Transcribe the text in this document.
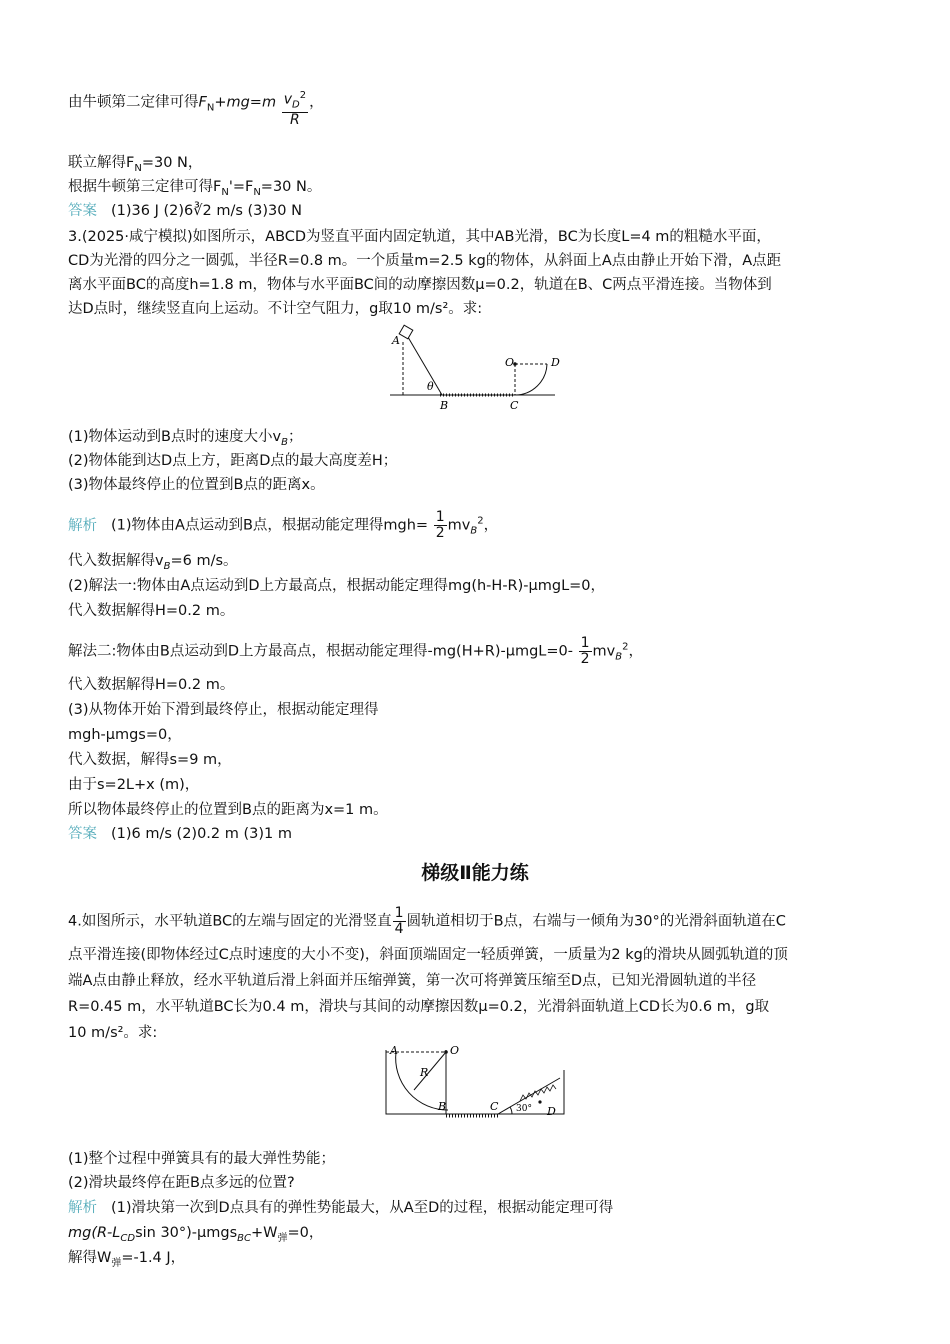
由牛顿第二定律可得$F_N+mg=m \frac{v_D^2}{R}$ ，
联立解得$F_N=30$ N，
根据牛顿第三定律可得$F_N'=F_N=30$ N。
答案 (1)36 J (2)6∛2 m/s (3)30 N
3.(2025·咸宁模拟)如图所示，ABCD为竖直平面内固定轨道，其中AB光滑，BC为长度L=4 m的粗糙水平面，
CD为光滑的四分之一圆弧，半径R=0.8 m。一个质量m=2.5 kg的物体，从斜面上A点由静止开始下滑，A点距
离水平面BC的高度h=1.8 m，物体与水平面BC间的动摩擦因数μ=0.2，轨道在B、C两点平滑连接。当物体到
达D点时，继续竖直向上运动。不计空气阻力，g取10 m/s²。求:
A
B	C
O	D
θ
(1)物体运动到B点时的速度大小$v_B$；
(2)物体能到达D点上方，距离D点的最大高度差H；
(3)物体最终停止的位置到B点的距离x。
解析 (1)物体由A点运动到B点，根据动能定理得$mgh= \frac{1}{2} mv_B^2$，
代入数据解得$v_B=6$ m/s。
(2)解法一:物体由A点运动到D上方最高点，根据动能定理得mg(h-H-R)-μmgL=0，
代入数据解得H=0.2 m。
解法二:物体由B点运动到D上方最高点，根据动能定理得$-mg(H+R)-\mu mgL=0- \frac{1}{2} mv_B^2$，
代入数据解得H=0.2 m。
(3)从物体开始下滑到最终停止，根据动能定理得
mgh-μmgs=0，
代入数据，解得s=9 m，
由于s=2L+x (m)，
所以物体最终停止的位置到B点的距离为x=1 m。
答案 (1)6 m/s (2)0.2 m (3)1 m
梯级Ⅱ能力练
4.如图所示，水平轨道BC的左端与固定的光滑竖直 $\frac{1}{4}$ 圆轨道相切于B点，右端与一倾角为30°的光滑斜面轨道在C
点平滑连接(即物体经过C点时速度的大小不变)，斜面顶端固定一轻质弹簧，一质量为2 kg的滑块从圆弧轨道的顶
端A点由静止释放，经水平轨道后滑上斜面并压缩弹簧，第一次可将弹簧压缩至D点，已知光滑圆轨道的半径
R=0.45 m，水平轨道BC长为0.4 m，滑块与其间的动摩擦因数μ=0.2，光滑斜面轨道上CD长为0.6 m，g取
10 m/s²。求:
A	O
R
B	C	D
30°
(1)整个过程中弹簧具有的最大弹性势能；
(2)滑块最终停在距B点多远的位置?
解析 (1)滑块第一次到D点具有的弹性势能最大，从A至D的过程，根据动能定理可得
$mg(R-L_{CD}\sin$ $30^\circ)-\mu mgs_{BC}+W_弹=0$，
解得$W_弹=-1.4$ J，
